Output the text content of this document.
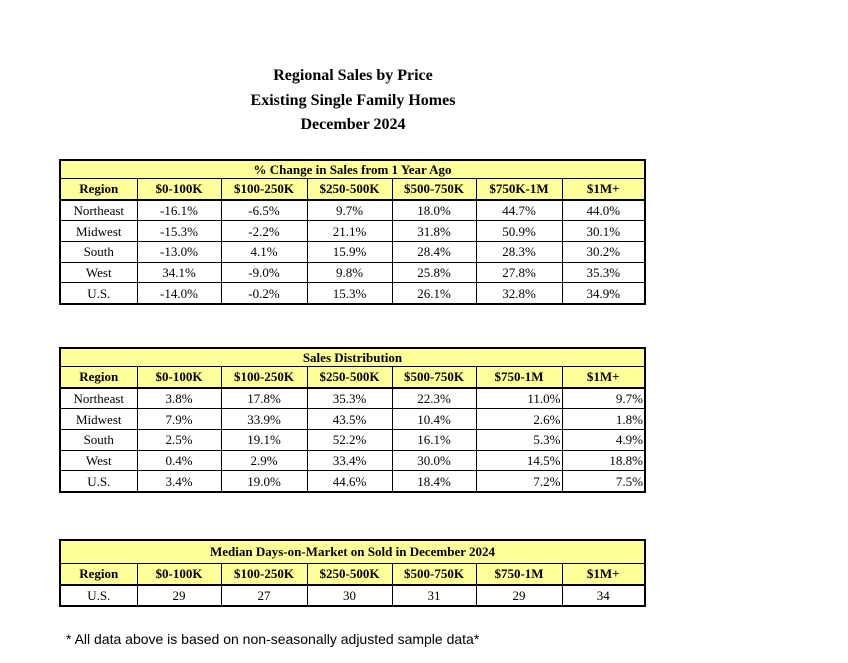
Regional Sales by Price
Existing Single Family Homes
December 2024
% Change in Sales from 1 Year Ago						
Region	$0-100K	$100-250K	$250-500K	$500-750K	$750K-1M	$1M+
Northeast	-16.1%	-6.5%	9.7%	18.0%	44.7%	44.0%
Midwest	-15.3%	-2.2%	21.1%	31.8%	50.9%	30.1%
South	-13.0%	4.1%	15.9%	28.4%	28.3%	30.2%
West	34.1%	-9.0%	9.8%	25.8%	27.8%	35.3%
U.S.	-14.0%	-0.2%	15.3%	26.1%	32.8%	34.9%
Sales Distribution						
Region	$0-100K	$100-250K	$250-500K	$500-750K	$750-1M	$1M+
Northeast	3.8%	17.8%	35.3%	22.3%	11.0%	9.7%
Midwest	7.9%	33.9%	43.5%	10.4%	2.6%	1.8%
South	2.5%	19.1%	52.2%	16.1%	5.3%	4.9%
West	0.4%	2.9%	33.4%	30.0%	14.5%	18.8%
U.S.	3.4%	19.0%	44.6%	18.4%	7.2%	7.5%
Median Days-on-Market on Sold in December 2024						
Region	$0-100K	$100-250K	$250-500K	$500-750K	$750-1M	$1M+
U.S.	29	27	30	31	29	34
* All data above is based on non-seasonally adjusted sample data*
